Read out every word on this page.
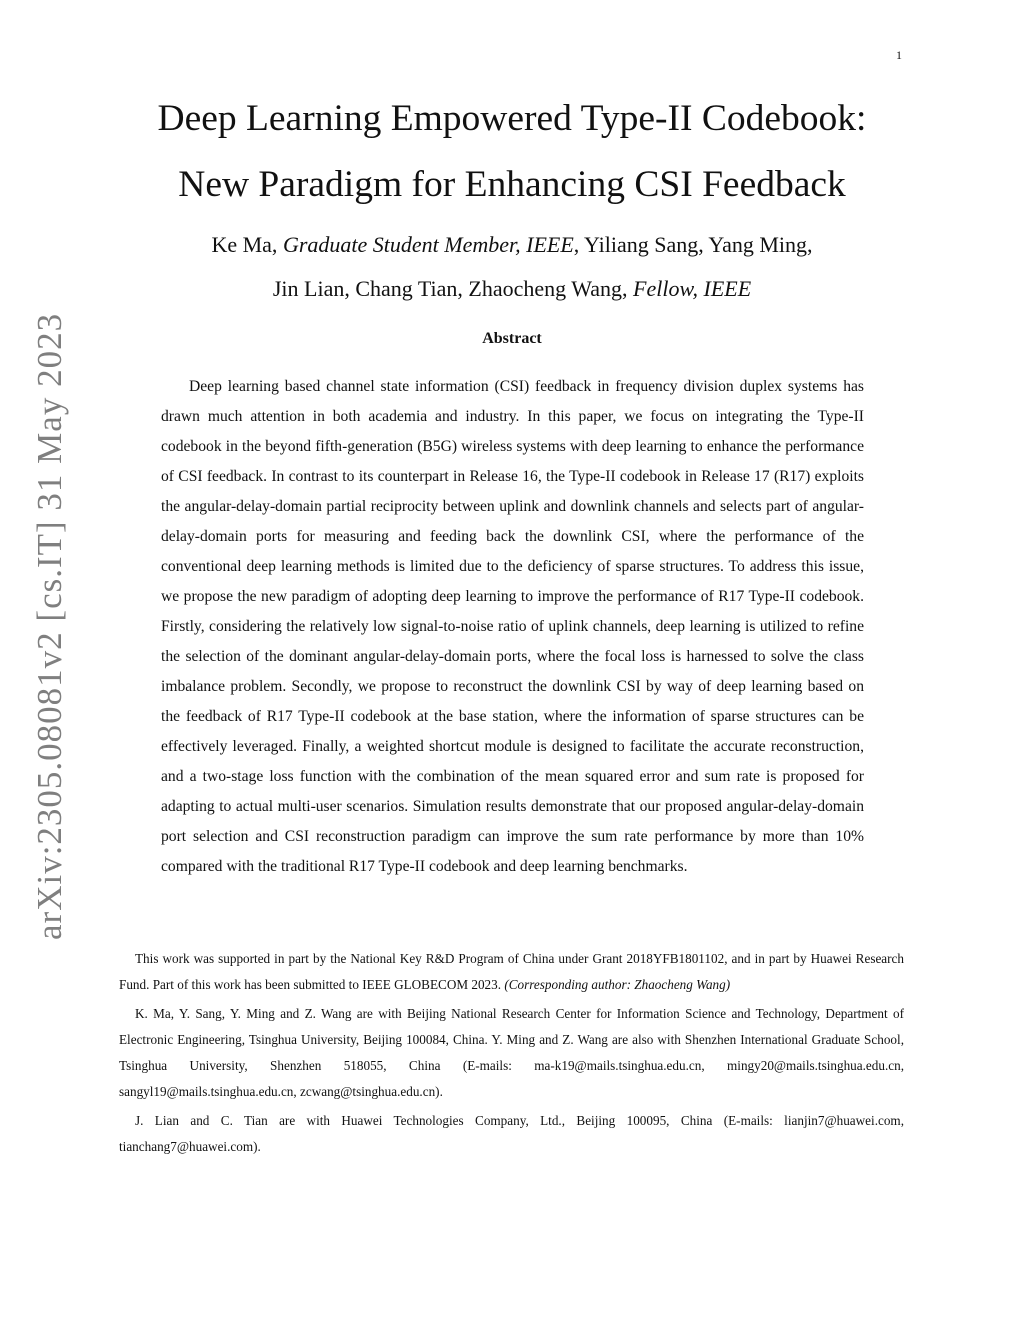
1
arXiv:2305.08081v2 [cs.IT] 31 May 2023
Deep Learning Empowered Type-II Codebook:
New Paradigm for Enhancing CSI Feedback
Ke Ma, Graduate Student Member, IEEE, Yiliang Sang, Yang Ming,
Jin Lian, Chang Tian, Zhaocheng Wang, Fellow, IEEE
Abstract

Deep learning based channel state information (CSI) feedback in frequency division duplex systems has drawn much attention in both academia and industry. In this paper, we focus on integrating the Type-II codebook in the beyond fifth-generation (B5G) wireless systems with deep learning to enhance the performance of CSI feedback. In contrast to its counterpart in Release 16, the Type-II codebook in Release 17 (R17) exploits the angular-delay-domain partial reciprocity between uplink and downlink channels and selects part of angular-delay-domain ports for measuring and feeding back the downlink CSI, where the performance of the conventional deep learning methods is limited due to the deficiency of sparse structures. To address this issue, we propose the new paradigm of adopting deep learning to improve the performance of R17 Type-II codebook. Firstly, considering the relatively low signal-to-noise ratio of uplink channels, deep learning is utilized to refine the selection of the dominant angular-delay-domain ports, where the focal loss is harnessed to solve the class imbalance problem. Secondly, we propose to reconstruct the downlink CSI by way of deep learning based on the feedback of R17 Type-II codebook at the base station, where the information of sparse structures can be effectively leveraged. Finally, a weighted shortcut module is designed to facilitate the accurate reconstruction, and a two-stage loss function with the combination of the mean squared error and sum rate is proposed for adapting to actual multi-user scenarios. Simulation results demonstrate that our proposed angular-delay-domain port selection and CSI reconstruction paradigm can improve the sum rate performance by more than 10% compared with the traditional R17 Type-II codebook and deep learning benchmarks.

This work was supported in part by the National Key R&D Program of China under Grant 2018YFB1801102, and in part by Huawei Research Fund. Part of this work has been submitted to IEEE GLOBECOM 2023. (Corresponding author: Zhaocheng Wang)

K. Ma, Y. Sang, Y. Ming and Z. Wang are with Beijing National Research Center for Information Science and Technology, Department of Electronic Engineering, Tsinghua University, Beijing 100084, China. Y. Ming and Z. Wang are also with Shenzhen International Graduate School, Tsinghua University, Shenzhen 518055, China (E-mails: ma-k19@mails.tsinghua.edu.cn, mingy20@mails.tsinghua.edu.cn, sangyl19@mails.tsinghua.edu.cn, zcwang@tsinghua.edu.cn).

J. Lian and C. Tian are with Huawei Technologies Company, Ltd., Beijing 100095, China (E-mails: lianjin7@huawei.com, tianchang7@huawei.com).
